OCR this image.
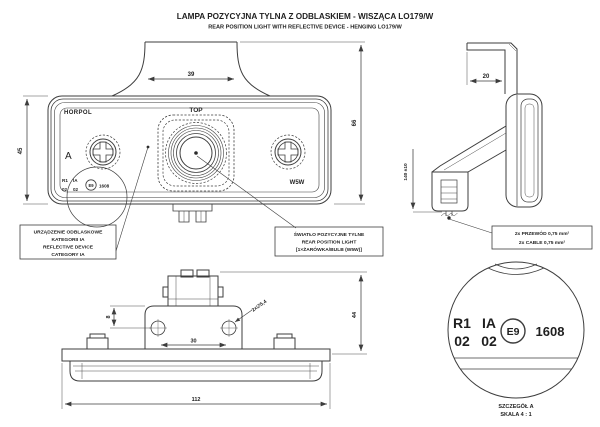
LAMPA POZYCYJNA TYLNA Z ODBLASKIEM - WISZĄCA LO179/W
REAR POSITION LIGHT WITH REFLECTIVE DEVICE - HENGING LO179/W
R1 IA
02 02
E9 1608
HORPOL	TOP
A
W5W
39
45
66
20
140 ±10
30
8
112
44
2x∅5,4
R1 IA
02 02
E9 1608
SZCZEGÓŁ A
SKALA 4 : 1
URZĄDZENIE ODBLASKOWE
KATEGORII IA
REFLECTIVE DEVICE
CATEGORY IA
ŚWIATŁO POZYCYJNE TYLNE
REAR POSITION LIGHT
[1×ŻARÓWKA/BULB (W5W)]
2x PRZEWÓD 0,75 mm²
2x CABLE 0,75 mm²
